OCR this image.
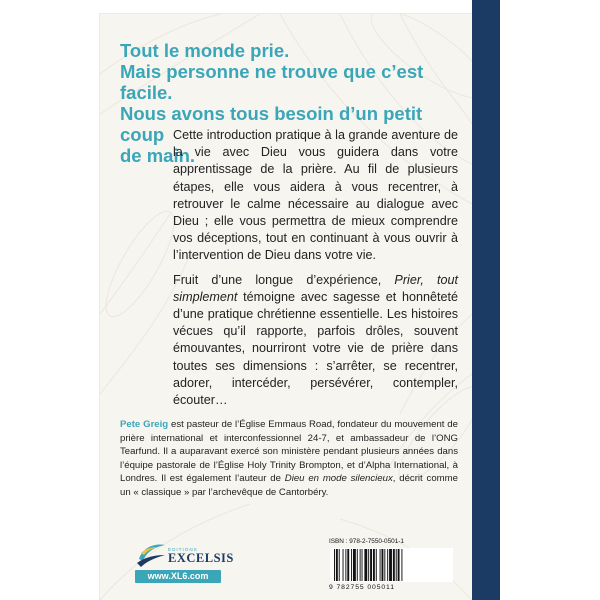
Tout le monde prie.
Mais personne ne trouve que c’est facile.
Nous avons tous besoin d’un petit coup
de main.

Cette introduction pratique à la grande aventure de la vie avec Dieu vous guidera dans votre apprentissage de la prière. Au fil de plusieurs étapes, elle vous aidera à vous recentrer, à retrouver le calme nécessaire au dialogue avec Dieu ; elle vous permettra de mieux comprendre vos déceptions, tout en continuant à vous ouvrir à l’intervention de Dieu dans votre vie.

Fruit d’une longue d’expérience, Prier, tout simplement témoigne avec sagesse et honnêteté d’une pratique chrétienne essentielle. Les histoires vécues qu’il rapporte, parfois drôles, souvent émouvantes, nourriront votre vie de prière dans toutes ses dimensions : s’arrêter, se recentrer, adorer, intercéder, persévérer, contempler, écouter…

Pete Greig est pasteur de l’Église Emmaus Road, fondateur du mouvement de prière international et interconfessionnel 24-7, et ambassadeur de l’ONG Tearfund. Il a auparavant exercé son ministère pendant plusieurs années dans l’équipe pastorale de l’Église Holy Trinity Brompton, et d’Alpha International, à Londres. Il est également l’auteur de Dieu en mode silencieux, décrit comme un « classique » par l’archevêque de Cantorbéry.
ÉDITIONS
EXCELSIS
www.XL6.com
ISBN : 978-2-7550-0501-1
9 782755 005011
